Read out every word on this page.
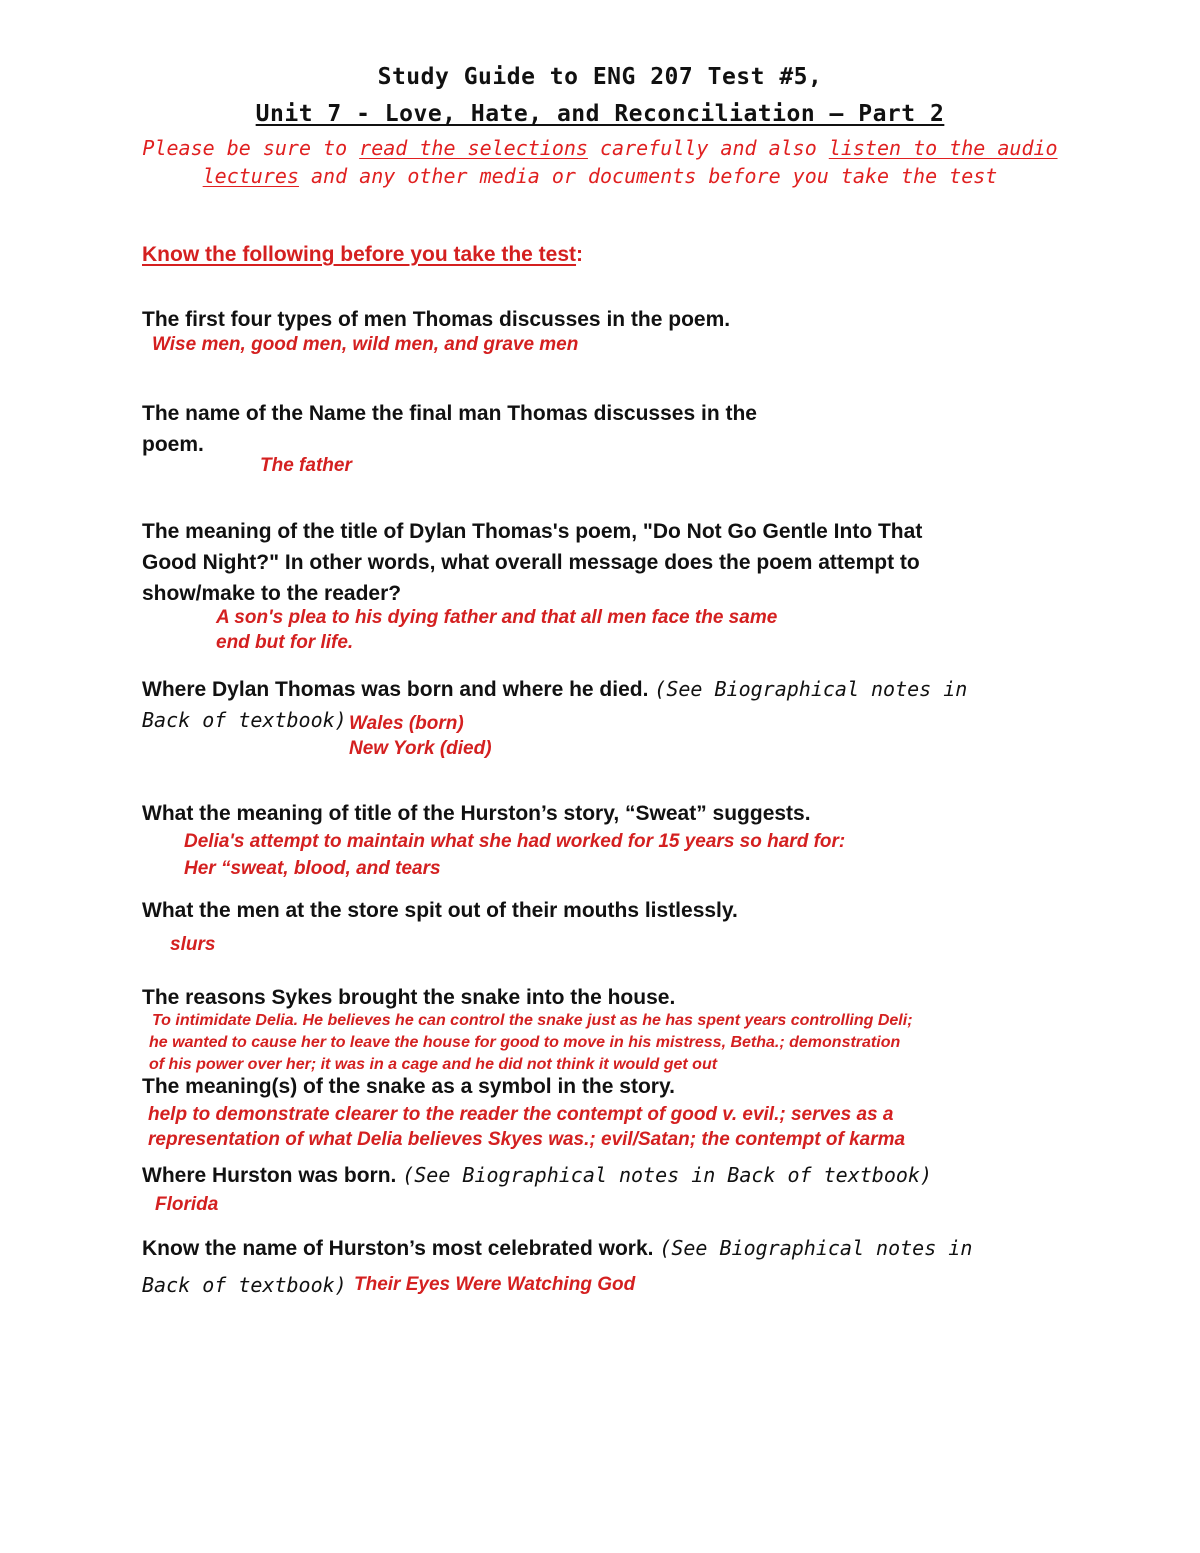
Study Guide to ENG 207 Test #5,
Unit 7 - Love, Hate, and Reconciliation – Part 2
Please be sure to read the selections carefully and also listen to the audio
lectures and any other media or documents before you take the test
Know the following before you take the test:
The first four types of men Thomas discusses in the poem.
Wise men, good men, wild men, and grave men
The name of the Name the final man Thomas discusses in the
poem.
The father
The meaning of the title of Dylan Thomas's poem, "Do Not Go Gentle Into That
Good Night?" In other words, what overall message does the poem attempt to
show/make to the reader?
A son's plea to his dying father and that all men face the same
end but for life.
Where Dylan Thomas was born and where he died. (See Biographical notes in
Back of textbook) Wales (born)
New York (died)
What the meaning of title of the Hurston’s story, “Sweat” suggests.
Delia's attempt to maintain what she had worked for 15 years so hard for:
Her “sweat, blood, and tears
What the men at the store spit out of their mouths listlessly.
slurs
The reasons Sykes brought the snake into the house.
To intimidate Delia. He believes he can control the snake just as he has spent years controlling Deli;
he wanted to cause her to leave the house for good to move in his mistress, Betha.; demonstration
of his power over her; it was in a cage and he did not think it would get out
The meaning(s) of the snake as a symbol in the story.
help to demonstrate clearer to the reader the contempt of good v. evil.; serves as a
representation of what Delia believes Skyes was.; evil/Satan; the contempt of karma
Where Hurston was born. (See Biographical notes in Back of textbook)
Florida
Know the name of Hurston’s most celebrated work. (See Biographical notes in
Back of textbook) Their Eyes Were Watching God
